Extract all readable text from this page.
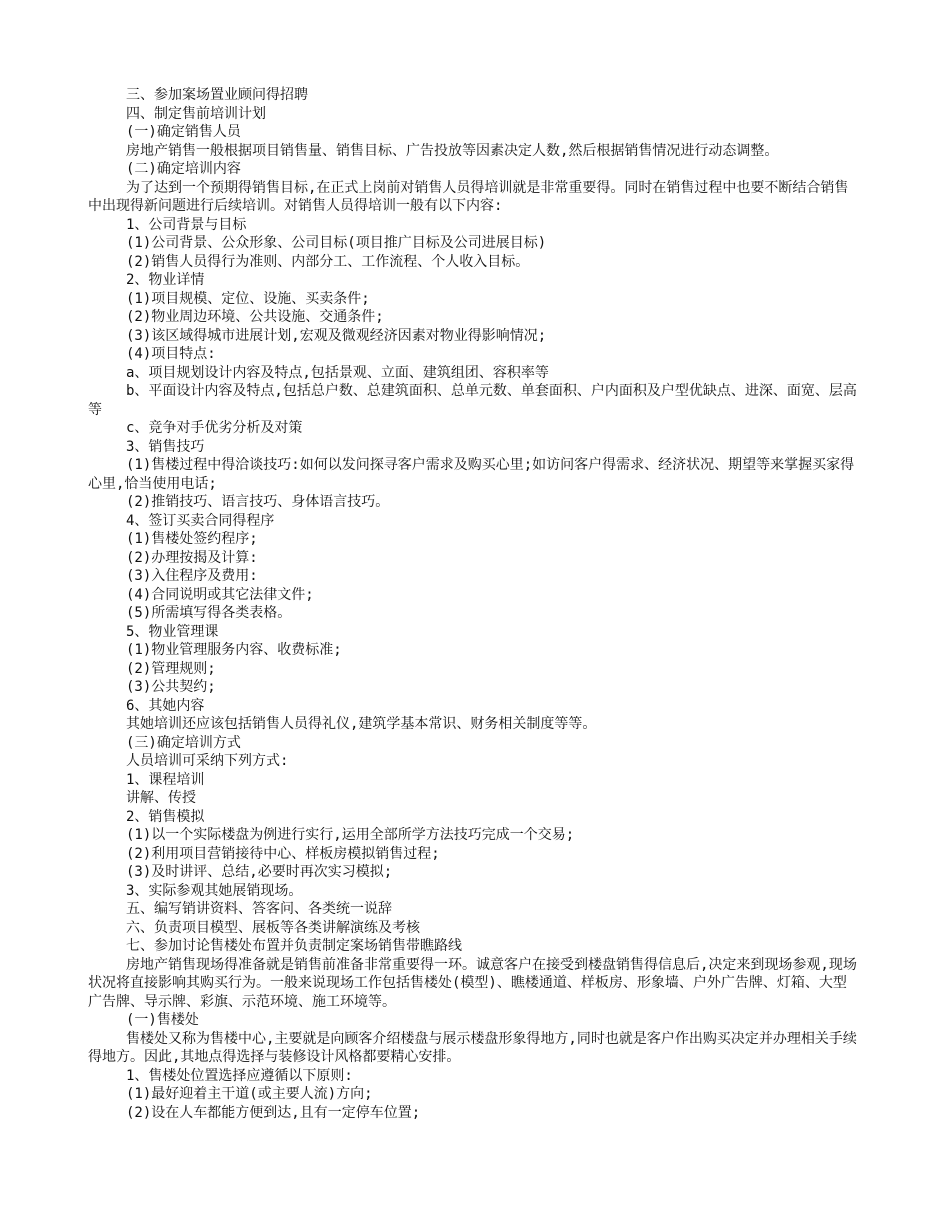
三、参加案场置业顾问得招聘

四、制定售前培训计划

(一)确定销售人员

房地产销售一般根据项目销售量、销售目标、广告投放等因素决定人数,然后根据销售情况进行动态调整。

(二)确定培训内容

为了达到一个预期得销售目标,在正式上岗前对销售人员得培训就是非常重要得。同时在销售过程中也要不断结合销售中出现得新问题进行后续培训。对销售人员得培训一般有以下内容:

1、公司背景与目标

(1)公司背景、公众形象、公司目标(项目推广目标及公司进展目标)

(2)销售人员得行为准则、内部分工、工作流程、个人收入目标。

2、物业详情

(1)项目规模、定位、设施、买卖条件;

(2)物业周边环境、公共设施、交通条件;

(3)该区域得城市进展计划,宏观及微观经济因素对物业得影响情况;

(4)项目特点:

a、项目规划设计内容及特点,包括景观、立面、建筑组团、容积率等

b、平面设计内容及特点,包括总户数、总建筑面积、总单元数、单套面积、户内面积及户型优缺点、进深、面宽、层高等

c、竞争对手优劣分析及对策

3、销售技巧

(1)售楼过程中得洽谈技巧:如何以发问探寻客户需求及购买心里;如访问客户得需求、经济状况、期望等来掌握买家得心里,恰当使用电话;

(2)推销技巧、语言技巧、身体语言技巧。

4、签订买卖合同得程序

(1)售楼处签约程序;

(2)办理按揭及计算:

(3)入住程序及费用:

(4)合同说明或其它法律文件;

(5)所需填写得各类表格。

5、物业管理课

(1)物业管理服务内容、收费标准;

(2)管理规则;

(3)公共契约;

6、其她内容

其她培训还应该包括销售人员得礼仪,建筑学基本常识、财务相关制度等等。

(三)确定培训方式

人员培训可采纳下列方式:

1、课程培训

讲解、传授

2、销售模拟

(1)以一个实际楼盘为例进行实行,运用全部所学方法技巧完成一个交易;

(2)利用项目营销接待中心、样板房模拟销售过程;

(3)及时讲评、总结,必要时再次实习模拟;

3、实际参观其她展销现场。

五、编写销讲资料、答客问、各类统一说辞

六、负责项目模型、展板等各类讲解演练及考核

七、参加讨论售楼处布置并负责制定案场销售带瞧路线

房地产销售现场得准备就是销售前准备非常重要得一环。诚意客户在接受到楼盘销售得信息后,决定来到现场参观,现场状况将直接影响其购买行为。一般来说现场工作包括售楼处(模型)、瞧楼通道、样板房、形象墙、户外广告牌、灯箱、大型广告牌、导示牌、彩旗、示范环境、施工环境等。

(一)售楼处

售楼处又称为售楼中心,主要就是向顾客介绍楼盘与展示楼盘形象得地方,同时也就是客户作出购买决定并办理相关手续得地方。因此,其地点得选择与装修设计风格都要精心安排。

1、售楼处位置选择应遵循以下原则:

(1)最好迎着主干道(或主要人流)方向;

(2)设在人车都能方便到达,且有一定停车位置;
